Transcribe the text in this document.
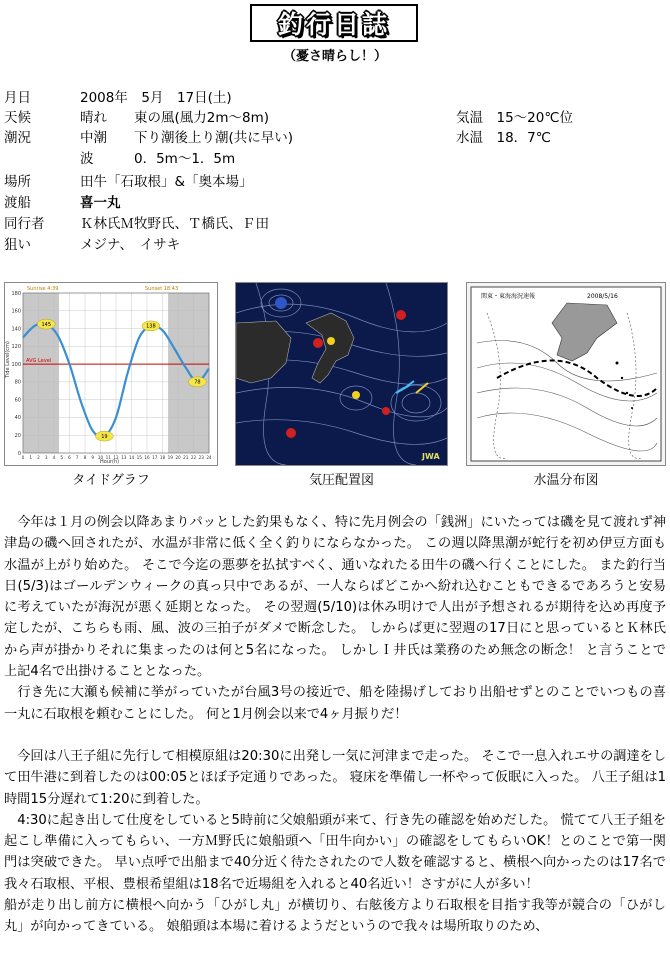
釣行日誌
（憂さ晴らし！）
月日	2008年　5月　17日(土)
天候	晴れ　　東の風(風力2m〜8m)	気温　15〜20℃位
潮況	中潮　　下り潮後上り潮(共に早い)	水温　18．7℃
波　　　0．5m〜1．5m
場所	田牛「石取根」&「奥本場」
渡船	喜一丸
同行者	Ｋ林氏Ｍ牧野氏、Ｔ橋氏、Ｆ田
狙い	メジナ、　イサキ
AVG Level
0
20
40
60
80
100
120
140
160
180
0 1 2 3 4 5 6 7 8 9 10 11 12 13 14 15 16 17 18 19 20 21 22 23 24
Sunrise 4:39	Sunset 18:43
Hour(h)
Tide Level(cm)
145
19
138
78
JWA
関東・東海海況速報	2008/5/16
タイドグラフ	気圧配置図	水温分布図

　今年は１月の例会以降あまりパッとした釣果もなく、特に先月例会の「銭洲」にいたっては磯を見て渡れず神津島の磯へ回されたが、水温が非常に低く全く釣りにならなかった。 この週以降黒潮が蛇行を初め伊豆方面も水温が上がり始めた。 そこで今迄の悪夢を払拭すべく、通いなれたる田牛の磯へ行くことにした。 また釣行当日(5/3)はゴールデンウィークの真っ只中であるが、一人ならばどこかへ紛れ込むこともできるであろうと安易に考えていたが海況が悪く延期となった。 その翌週(5/10)は休み明けで人出が予想されるが期待を込め再度予定したが、こちらも雨、風、波の三拍子がダメで断念した。 しからば更に翌週の17日にと思っているとＫ林氏から声が掛かりそれに集まったのは何と5名になった。 しかしＩ井氏は業務のため無念の断念！ と言うことで上記4名で出掛けることとなった。

　行き先に大瀬も候補に挙がっていたが台風3号の接近で、船を陸揚げしており出船せずとのことでいつもの喜一丸に石取根を頼むことにした。 何と1月例会以来で4ヶ月振りだ！

　今回は八王子組に先行して相模原組は20:30に出発し一気に河津まで走った。 そこで一息入れエサの調達をして田牛港に到着したのは00:05とほぼ予定通りであった。 寝床を準備し一杯やって仮眠に入った。 八王子組は1時間15分遅れて1:20に到着した。

　4:30に起き出して仕度をしていると5時前に父娘船頭が来て、行き先の確認を始めだした。 慌てて八王子組を起こし準備に入ってもらい、一方Ｍ野氏に娘船頭へ「田牛向かい」の確認をしてもらいOK！とのことで第一関門は突破できた。 早い点呼で出船まで40分近く待たされたので人数を確認すると、横根へ向かったのは17名で我々石取根、平根、豊根希望組は18名で近場組を入れると40名近い！さすがに人が多い！

船が走り出し前方に横根へ向かう「ひがし丸」が横切り、右舷後方より石取根を目指す我等が競合の「ひがし丸」が向かってきている。 娘船頭は本場に着けるようだというので我々は場所取りのため、
